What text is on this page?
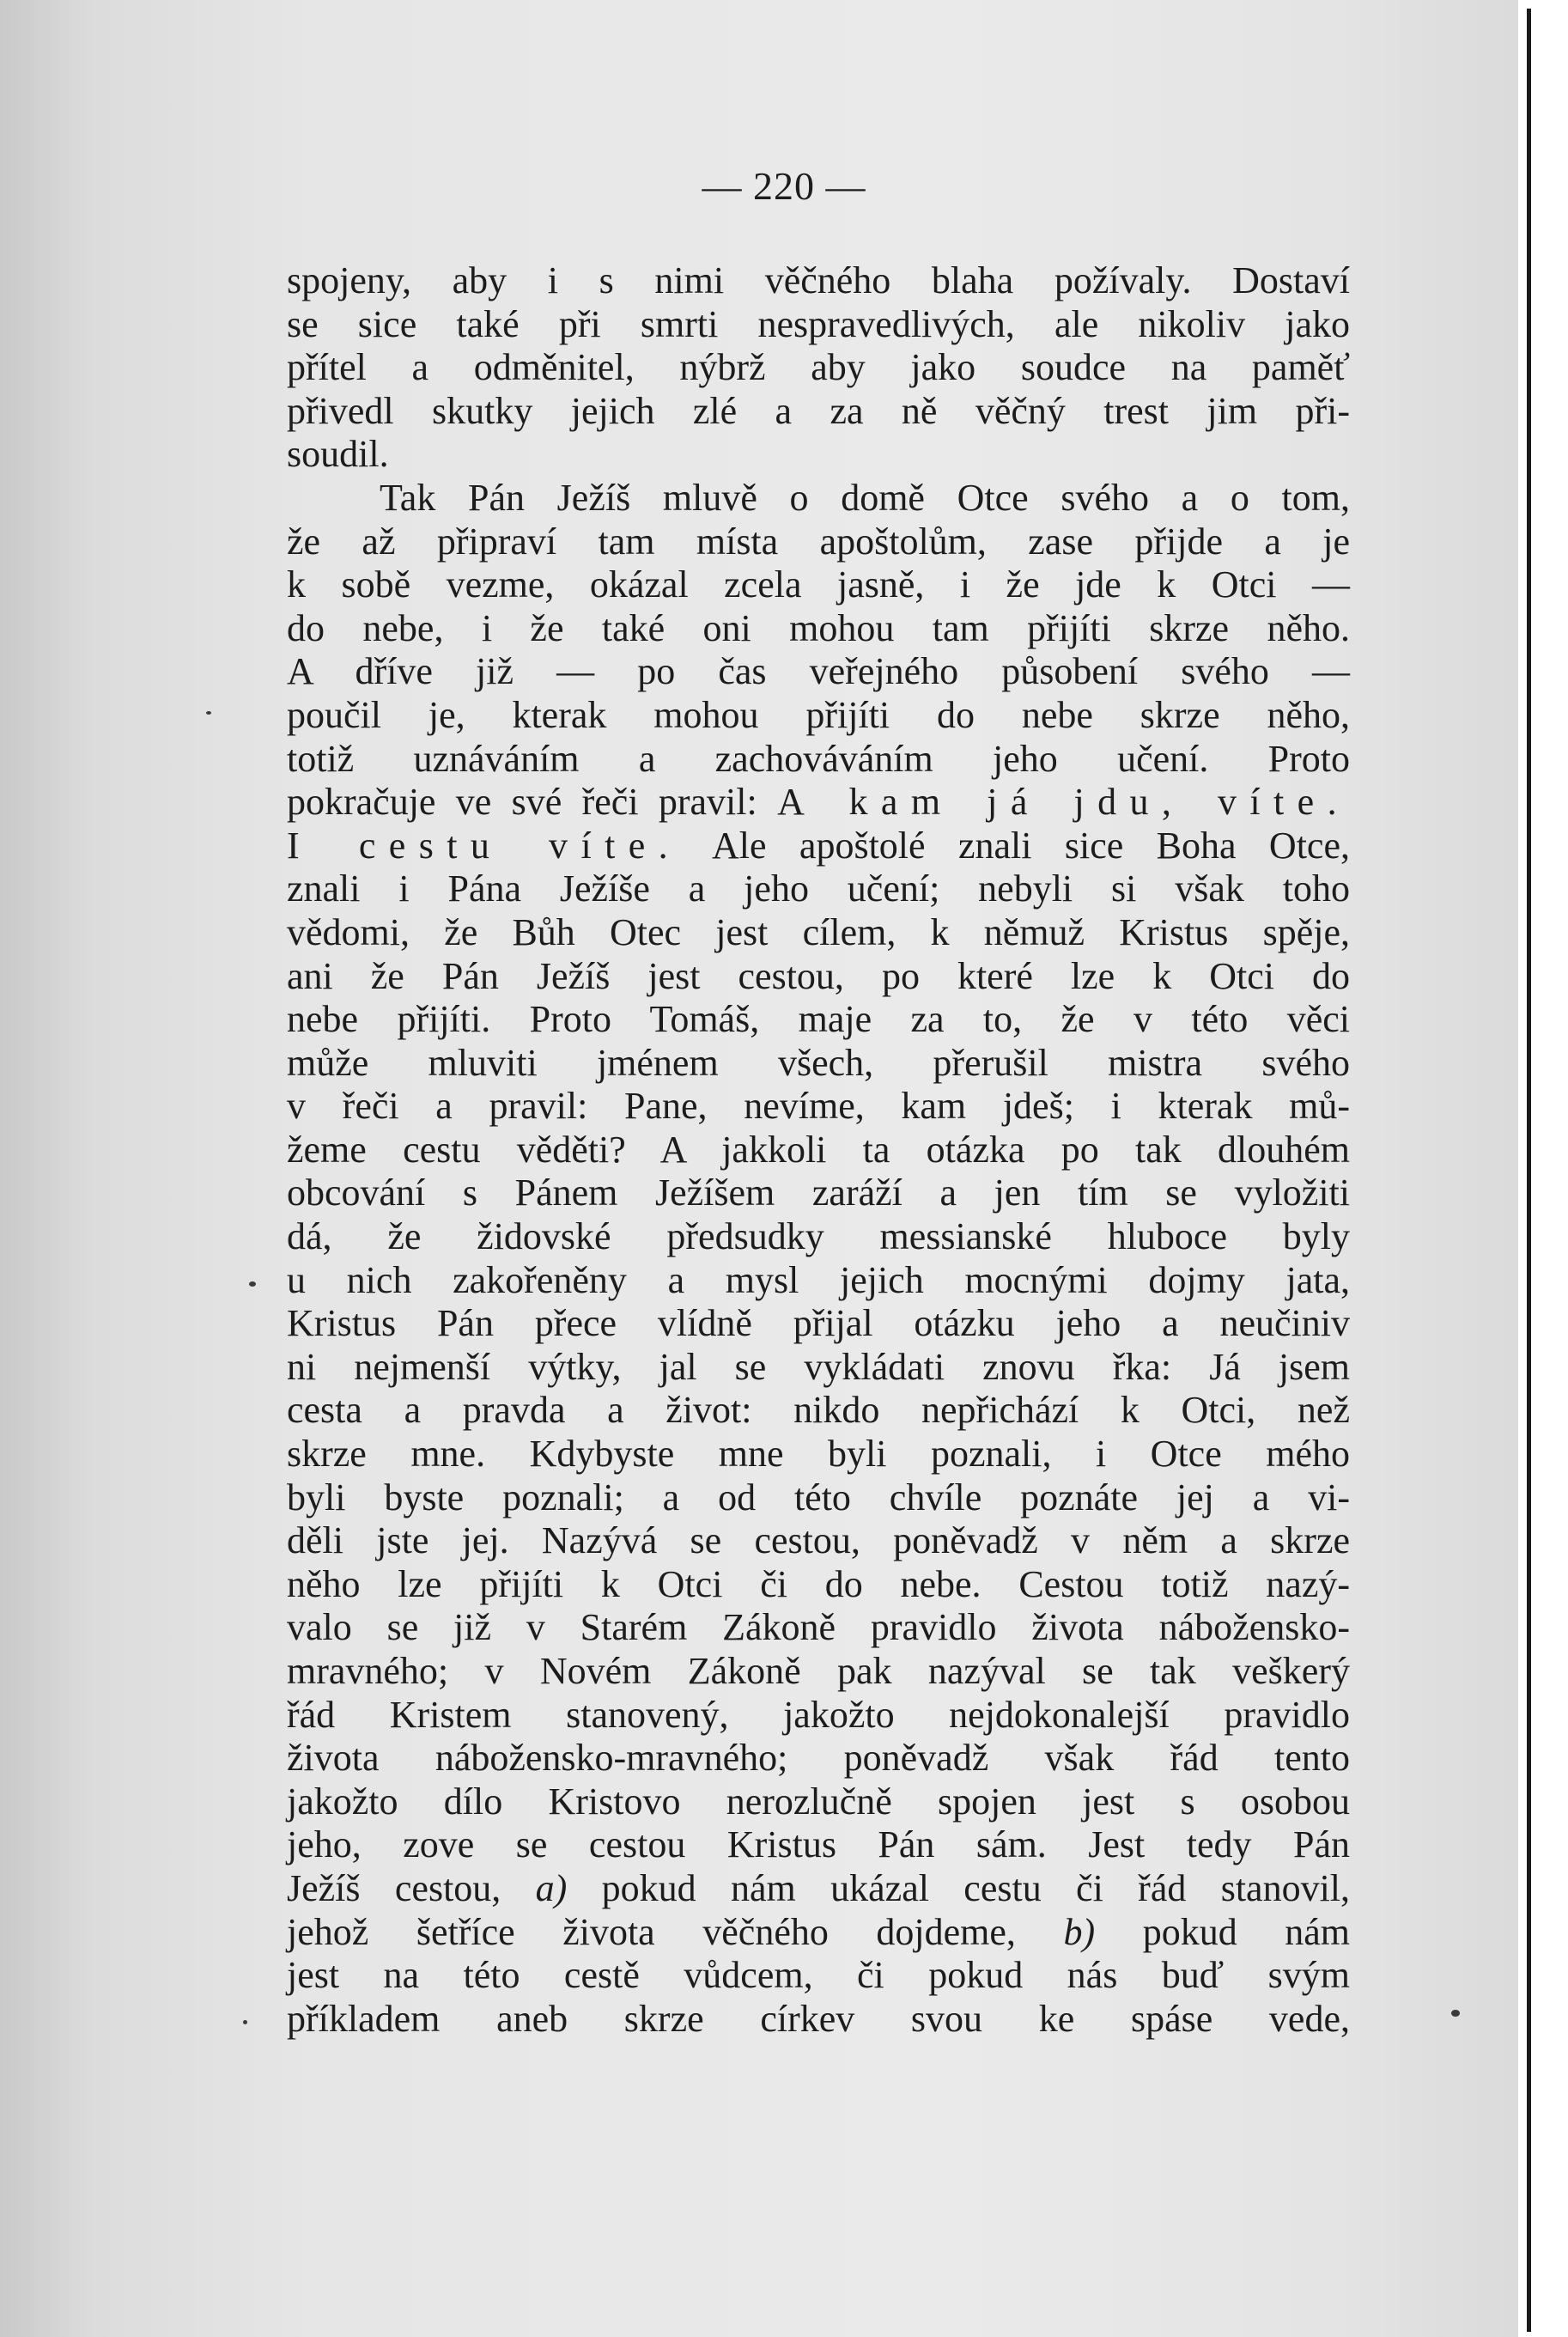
— 220 —
spojeny, aby i s nimi věčného blaha požívaly. Dostaví
se sice také při smrti nespravedlivých, ale nikoliv jako
přítel a odměnitel, nýbrž aby jako soudce na paměť
přivedl skutky jejich zlé a za ně věčný trest jim při-
soudil.
Tak Pán Ježíš mluvě o domě Otce svého a o tom,
že až připraví tam místa apoštolům, zase přijde a je
k sobě vezme, okázal zcela jasně, i že jde k Otci —
do nebe, i že také oni mohou tam přijíti skrze něho.
A dříve již — po čas veřejného působení svého —
poučil je, kterak mohou přijíti do nebe skrze něho,
totiž uznáváním a zachováváním jeho učení. Proto
pokračuje ve své řeči pravil: A kam já jdu, víte.
I cestu víte. Ale apoštolé znali sice Boha Otce,
znali i Pána Ježíše a jeho učení; nebyli si však toho
vědomi, že Bůh Otec jest cílem, k němuž Kristus spěje,
ani že Pán Ježíš jest cestou, po které lze k Otci do
nebe přijíti. Proto Tomáš, maje za to, že v této věci
může mluviti jménem všech, přerušil mistra svého
v řeči a pravil: Pane, nevíme, kam jdeš; i kterak mů-
žeme cestu věděti? A jakkoli ta otázka po tak dlouhém
obcování s Pánem Ježíšem zaráží a jen tím se vyložiti
dá, že židovské předsudky messianské hluboce byly
u nich zakořeněny a mysl jejich mocnými dojmy jata,
Kristus Pán přece vlídně přijal otázku jeho a neučiniv
ni nejmenší výtky, jal se vykládati znovu řka: Já jsem
cesta a pravda a život: nikdo nepřichází k Otci, než
skrze mne. Kdybyste mne byli poznali, i Otce mého
byli byste poznali; a od této chvíle poznáte jej a vi-
děli jste jej. Nazývá se cestou, poněvadž v něm a skrze
něho lze přijíti k Otci či do nebe. Cestou totiž nazý-
valo se již v Starém Zákoně pravidlo života nábožensko-
mravného; v Novém Zákoně pak nazýval se tak veškerý
řád Kristem stanovený, jakožto nejdokonalejší pravidlo
života nábožensko-mravného; poněvadž však řád tento
jakožto dílo Kristovo nerozlučně spojen jest s osobou
jeho, zove se cestou Kristus Pán sám. Jest tedy Pán
Ježíš cestou, a) pokud nám ukázal cestu či řád stanovil,
jehož šetříce života věčného dojdeme, b) pokud nám
jest na této cestě vůdcem, či pokud nás buď svým
příkladem aneb skrze církev svou ke spáse vede,
